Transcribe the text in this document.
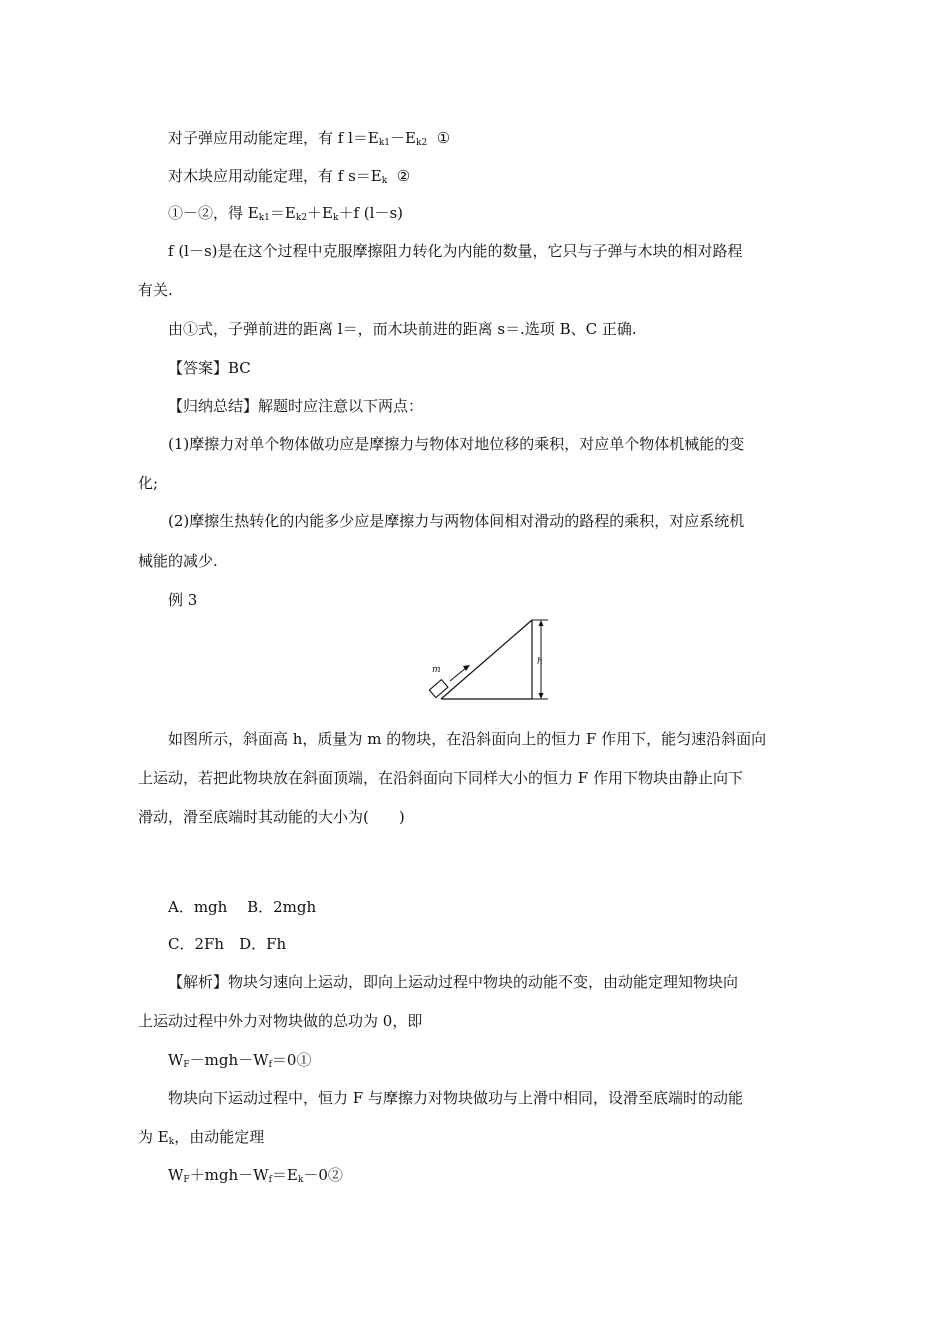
对子弹应用动能定理，有 f $l=E_{k1}-E_{k2}$  ①
对木块应用动能定理，有 f $s=E_k$  ②
①－②，得 $E_{k1}=E_{k2}+E_k+f$ (l－s)
f (l－s)是在这个过程中克服摩擦阻力转化为内能的数量，它只与子弹与木块的相对路程
有关.
由①式，子弹前进的距离 l＝，而木块前进的距离 s＝.选项 B、C 正确.
【答案】BC
【归纳总结】解题时应注意以下两点：
(1)摩擦力对单个物体做功应是摩擦力与物体对地位移的乘积，对应单个物体机械能的变
化;
(2)摩擦生热转化的内能多少应是摩擦力与两物体间相对滑动的路程的乘积，对应系统机
械能的减少.
例 3
h
m
如图所示，斜面高 h，质量为 m 的物块，在沿斜面向上的恒力 F 作用下，能匀速沿斜面向
上运动，若把此物块放在斜面顶端，在沿斜面向下同样大小的恒力 F 作用下物块由静止向下
滑动，滑至底端时其动能的大小为(　　)
A．mgh　 B．2mgh
C．2Fh　D．Fh
【解析】物块匀速向上运动，即向上运动过程中物块的动能不变，由动能定理知物块向
上运动过程中外力对物块做的总功为 0，即
$W_F-mgh-W_f=0①$
物块向下运动过程中，恒力 F 与摩擦力对物块做功与上滑中相同，设滑至底端时的动能
为 $E_k$，由动能定理
$W_F+mgh-W_f=E_k-0②$
